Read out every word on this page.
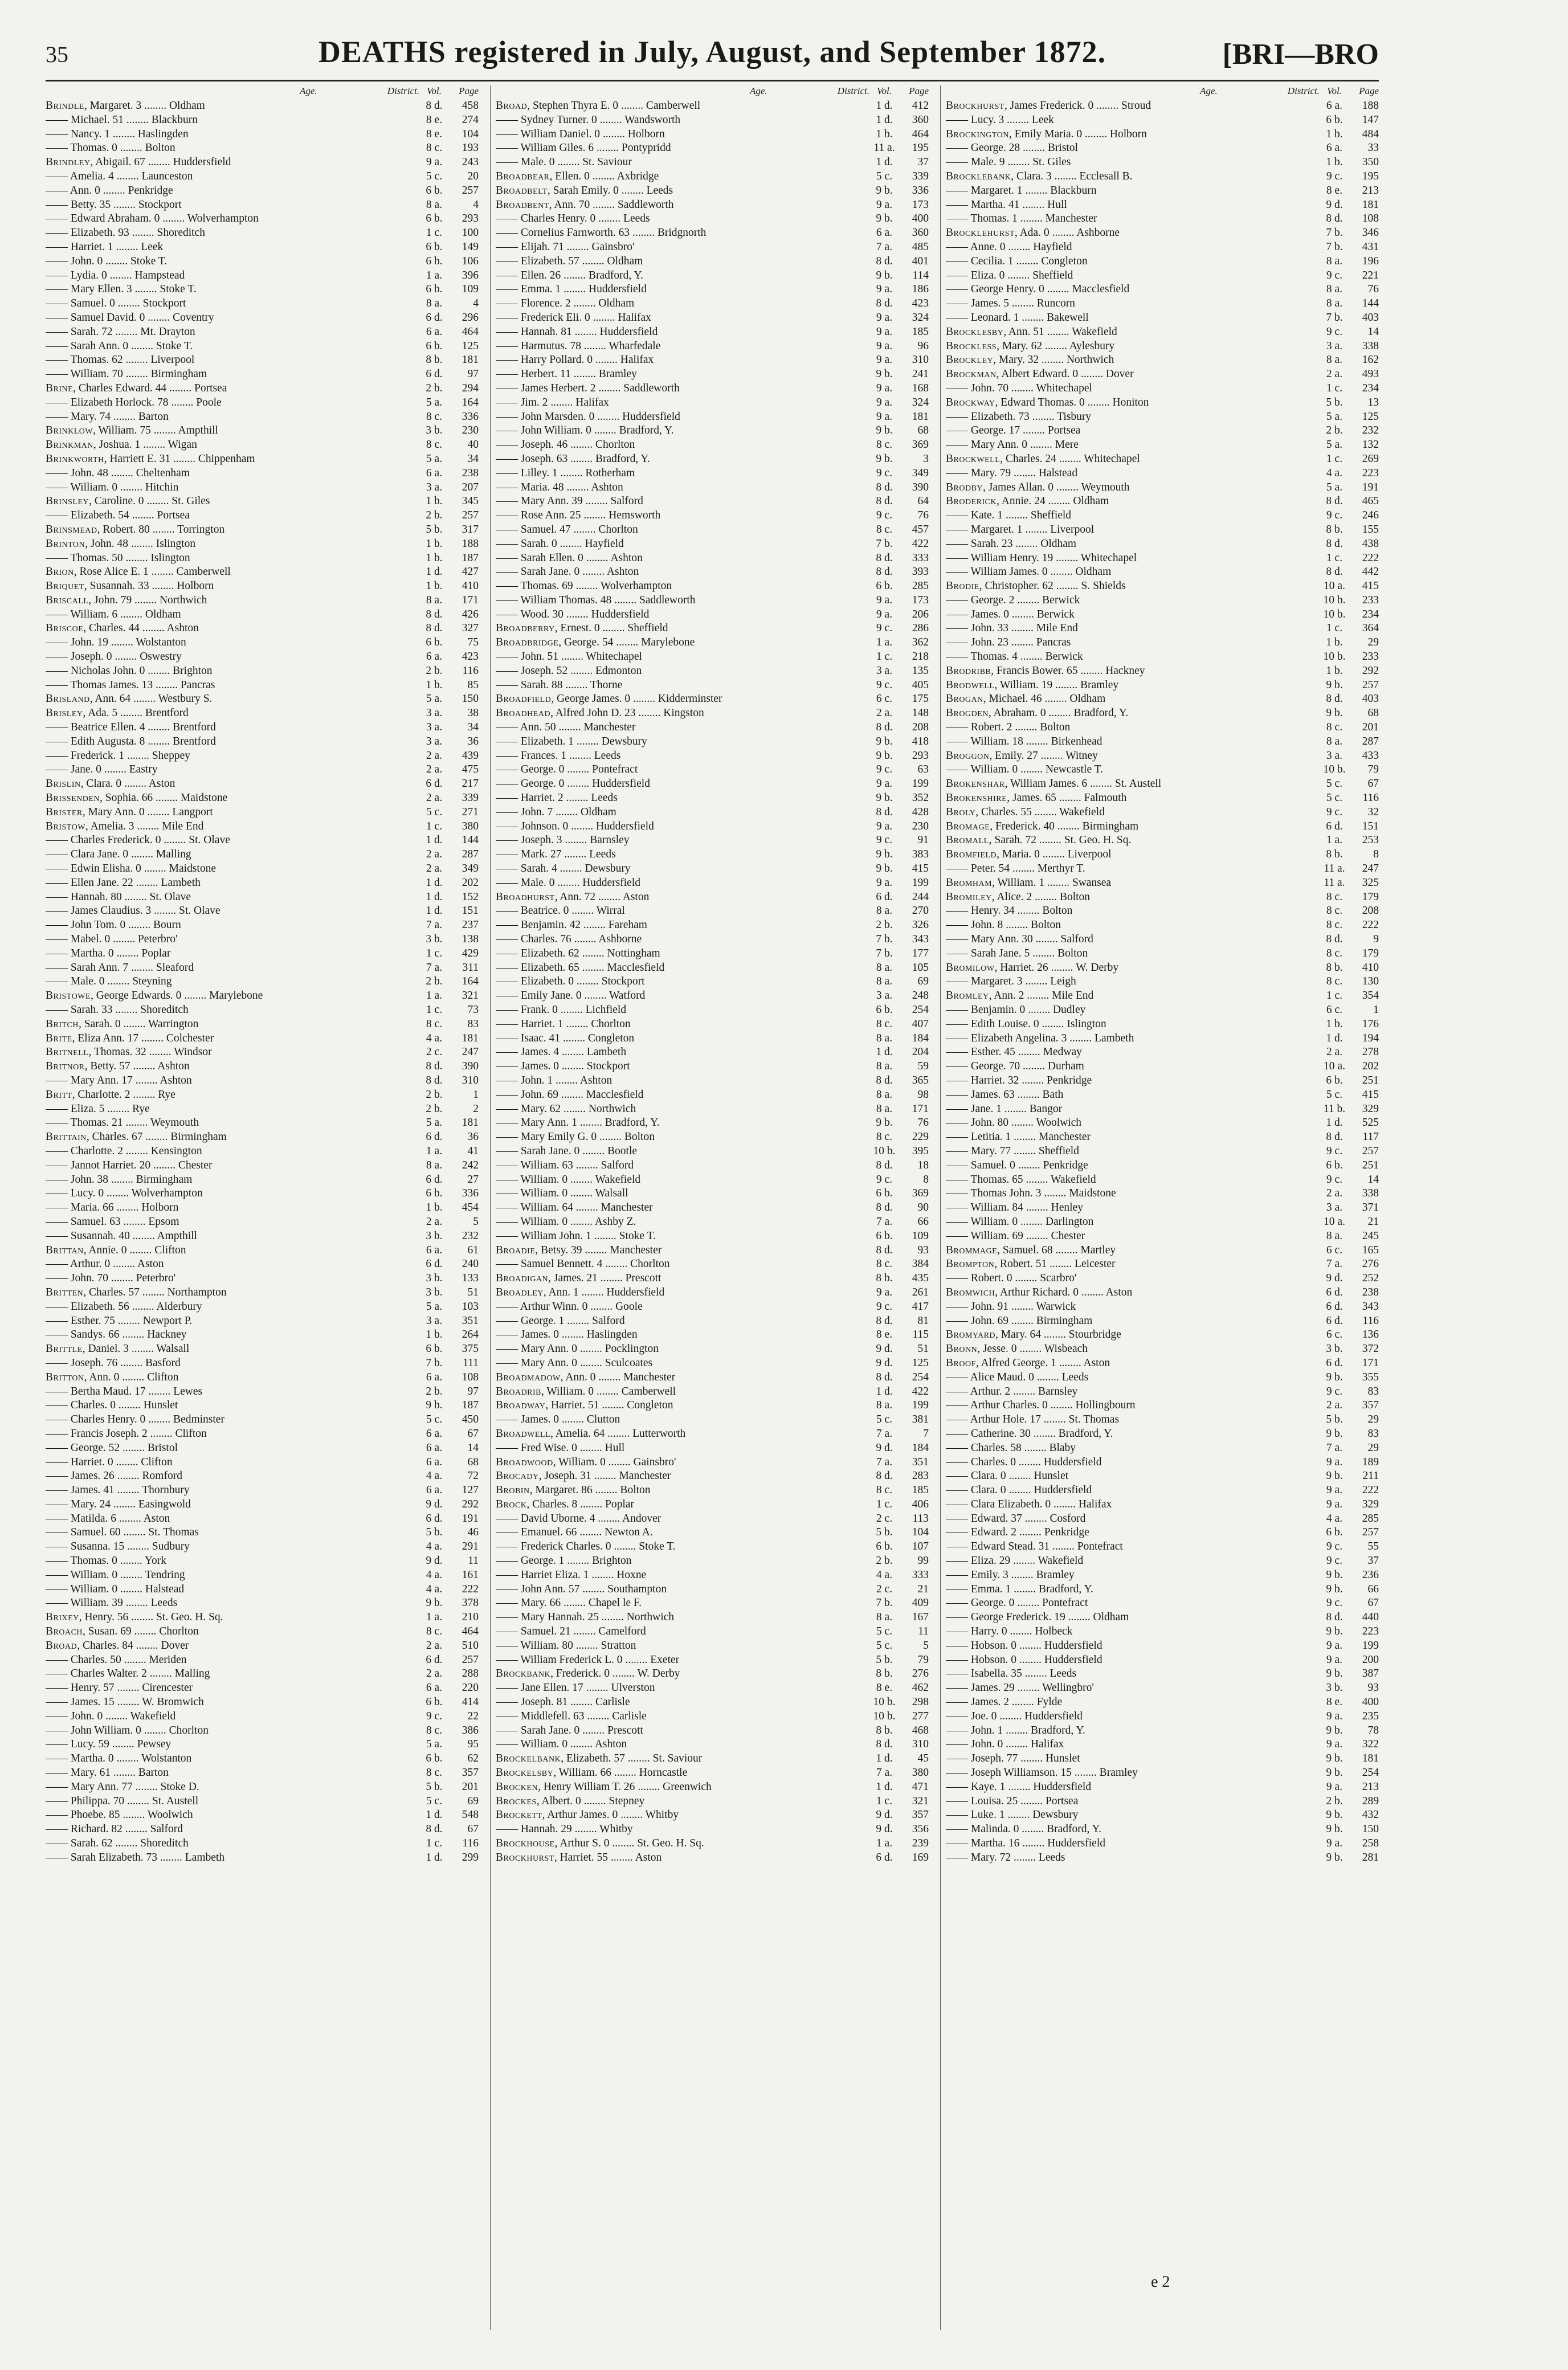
35	DEATHS registered in July, August, and September 1872.	[BRI—BRO
Age.	District. Vol.	Page
Brindle, Margaret. 3 ........ Oldham	8 d.	458
—— Michael. 51 ........ Blackburn	8 e.	274
—— Nancy. 1 ........ Haslingden	8 e.	104
—— Thomas. 0 ........ Bolton	8 c.	193
Brindley, Abigail. 67 ........ Huddersfield	9 a.	243
—— Amelia. 4 ........ Launceston	5 c.	20
—— Ann. 0 ........ Penkridge	6 b.	257
—— Betty. 35 ........ Stockport	8 a.	4
—— Edward Abraham. 0 ........ Wolverhampton	6 b.	293
—— Elizabeth. 93 ........ Shoreditch	1 c.	100
—— Harriet. 1 ........ Leek	6 b.	149
—— John. 0 ........ Stoke T.	6 b.	106
—— Lydia. 0 ........ Hampstead	1 a.	396
—— Mary Ellen. 3 ........ Stoke T.	6 b.	109
—— Samuel. 0 ........ Stockport	8 a.	4
—— Samuel David. 0 ........ Coventry	6 d.	296
—— Sarah. 72 ........ Mt. Drayton	6 a.	464
—— Sarah Ann. 0 ........ Stoke T.	6 b.	125
—— Thomas. 62 ........ Liverpool	8 b.	181
—— William. 70 ........ Birmingham	6 d.	97
Brine, Charles Edward. 44 ........ Portsea	2 b.	294
—— Elizabeth Horlock. 78 ........ Poole	5 a.	164
—— Mary. 74 ........ Barton	8 c.	336
Brinklow, William. 75 ........ Ampthill	3 b.	230
Brinkman, Joshua. 1 ........ Wigan	8 c.	40
Brinkworth, Harriett E. 31 ........ Chippenham	5 a.	34
—— John. 48 ........ Cheltenham	6 a.	238
—— William. 0 ........ Hitchin	3 a.	207
Brinsley, Caroline. 0 ........ St. Giles	1 b.	345
—— Elizabeth. 54 ........ Portsea	2 b.	257
Brinsmead, Robert. 80 ........ Torrington	5 b.	317
Brinton, John. 48 ........ Islington	1 b.	188
—— Thomas. 50 ........ Islington	1 b.	187
Brion, Rose Alice E. 1 ........ Camberwell	1 d.	427
Briquet, Susannah. 33 ........ Holborn	1 b.	410
Briscall, John. 79 ........ Northwich	8 a.	171
—— William. 6 ........ Oldham	8 d.	426
Briscoe, Charles. 44 ........ Ashton	8 d.	327
—— John. 19 ........ Wolstanton	6 b.	75
—— Joseph. 0 ........ Oswestry	6 a.	423
—— Nicholas John. 0 ........ Brighton	2 b.	116
—— Thomas James. 13 ........ Pancras	1 b.	85
Brisland, Ann. 64 ........ Westbury S.	5 a.	150
Brisley, Ada. 5 ........ Brentford	3 a.	38
—— Beatrice Ellen. 4 ........ Brentford	3 a.	34
—— Edith Augusta. 8 ........ Brentford	3 a.	36
—— Frederick. 1 ........ Sheppey	2 a.	439
—— Jane. 0 ........ Eastry	2 a.	475
Brislin, Clara. 0 ........ Aston	6 d.	217
Brissenden, Sophia. 66 ........ Maidstone	2 a.	339
Brister, Mary Ann. 0 ........ Langport	5 c.	271
Bristow, Amelia. 3 ........ Mile End	1 c.	380
—— Charles Frederick. 0 ........ St. Olave	1 d.	144
—— Clara Jane. 0 ........ Malling	2 a.	287
—— Edwin Elisha. 0 ........ Maidstone	2 a.	349
—— Ellen Jane. 22 ........ Lambeth	1 d.	202
—— Hannah. 80 ........ St. Olave	1 d.	152
—— James Claudius. 3 ........ St. Olave	1 d.	151
—— John Tom. 0 ........ Bourn	7 a.	237
—— Mabel. 0 ........ Peterbro'	3 b.	138
—— Martha. 0 ........ Poplar	1 c.	429
—— Sarah Ann. 7 ........ Sleaford	7 a.	311
—— Male. 0 ........ Steyning	2 b.	164
Bristowe, George Edwards. 0 ........ Marylebone	1 a.	321
—— Sarah. 33 ........ Shoreditch	1 c.	73
Britch, Sarah. 0 ........ Warrington	8 c.	83
Brite, Eliza Ann. 17 ........ Colchester	4 a.	181
Britnell, Thomas. 32 ........ Windsor	2 c.	247
Britnor, Betty. 57 ........ Ashton	8 d.	390
—— Mary Ann. 17 ........ Ashton	8 d.	310
Britt, Charlotte. 2 ........ Rye	2 b.	1
—— Eliza. 5 ........ Rye	2 b.	2
—— Thomas. 21 ........ Weymouth	5 a.	181
Brittain, Charles. 67 ........ Birmingham	6 d.	36
—— Charlotte. 2 ........ Kensington	1 a.	41
—— Jannot Harriet. 20 ........ Chester	8 a.	242
—— John. 38 ........ Birmingham	6 d.	27
—— Lucy. 0 ........ Wolverhampton	6 b.	336
—— Maria. 66 ........ Holborn	1 b.	454
—— Samuel. 63 ........ Epsom	2 a.	5
—— Susannah. 40 ........ Ampthill	3 b.	232
Brittan, Annie. 0 ........ Clifton	6 a.	61
—— Arthur. 0 ........ Aston	6 d.	240
—— John. 70 ........ Peterbro'	3 b.	133
Britten, Charles. 57 ........ Northampton	3 b.	51
—— Elizabeth. 56 ........ Alderbury	5 a.	103
—— Esther. 75 ........ Newport P.	3 a.	351
—— Sandys. 66 ........ Hackney	1 b.	264
Brittle, Daniel. 3 ........ Walsall	6 b.	375
—— Joseph. 76 ........ Basford	7 b.	111
Britton, Ann. 0 ........ Clifton	6 a.	108
—— Bertha Maud. 17 ........ Lewes	2 b.	97
—— Charles. 0 ........ Hunslet	9 b.	187
—— Charles Henry. 0 ........ Bedminster	5 c.	450
—— Francis Joseph. 2 ........ Clifton	6 a.	67
—— George. 52 ........ Bristol	6 a.	14
—— Harriet. 0 ........ Clifton	6 a.	68
—— James. 26 ........ Romford	4 a.	72
—— James. 41 ........ Thornbury	6 a.	127
—— Mary. 24 ........ Easingwold	9 d.	292
—— Matilda. 6 ........ Aston	6 d.	191
—— Samuel. 60 ........ St. Thomas	5 b.	46
—— Susanna. 15 ........ Sudbury	4 a.	291
—— Thomas. 0 ........ York	9 d.	11
—— William. 0 ........ Tendring	4 a.	161
—— William. 0 ........ Halstead	4 a.	222
—— William. 39 ........ Leeds	9 b.	378
Brixey, Henry. 56 ........ St. Geo. H. Sq.	1 a.	210
Broach, Susan. 69 ........ Chorlton	8 c.	464
Broad, Charles. 84 ........ Dover	2 a.	510
—— Charles. 50 ........ Meriden	6 d.	257
—— Charles Walter. 2 ........ Malling	2 a.	288
—— Henry. 57 ........ Cirencester	6 a.	220
—— James. 15 ........ W. Bromwich	6 b.	414
—— John. 0 ........ Wakefield	9 c.	22
—— John William. 0 ........ Chorlton	8 c.	386
—— Lucy. 59 ........ Pewsey	5 a.	95
—— Martha. 0 ........ Wolstanton	6 b.	62
—— Mary. 61 ........ Barton	8 c.	357
—— Mary Ann. 77 ........ Stoke D.	5 b.	201
—— Philippa. 70 ........ St. Austell	5 c.	69
—— Phoebe. 85 ........ Woolwich	1 d.	548
—— Richard. 82 ........ Salford	8 d.	67
—— Sarah. 62 ........ Shoreditch	1 c.	116
—— Sarah Elizabeth. 73 ........ Lambeth	1 d.	299
Age.	District. Vol.	Page
Broad, Stephen Thyra E. 0 ........ Camberwell	1 d.	412
—— Sydney Turner. 0 ........ Wandsworth	1 d.	360
—— William Daniel. 0 ........ Holborn	1 b.	464
—— William Giles. 6 ........ Pontypridd	11 a.	195
—— Male. 0 ........ St. Saviour	1 d.	37
Broadbear, Ellen. 0 ........ Axbridge	5 c.	339
Broadbelt, Sarah Emily. 0 ........ Leeds	9 b.	336
Broadbent, Ann. 70 ........ Saddleworth	9 a.	173
—— Charles Henry. 0 ........ Leeds	9 b.	400
—— Cornelius Farnworth. 63 ........ Bridgnorth	6 a.	360
—— Elijah. 71 ........ Gainsbro'	7 a.	485
—— Elizabeth. 57 ........ Oldham	8 d.	401
—— Ellen. 26 ........ Bradford, Y.	9 b.	114
—— Emma. 1 ........ Huddersfield	9 a.	186
—— Florence. 2 ........ Oldham	8 d.	423
—— Frederick Eli. 0 ........ Halifax	9 a.	324
—— Hannah. 81 ........ Huddersfield	9 a.	185
—— Harmutus. 78 ........ Wharfedale	9 a.	96
—— Harry Pollard. 0 ........ Halifax	9 a.	310
—— Herbert. 11 ........ Bramley	9 b.	241
—— James Herbert. 2 ........ Saddleworth	9 a.	168
—— Jim. 2 ........ Halifax	9 a.	324
—— John Marsden. 0 ........ Huddersfield	9 a.	181
—— John William. 0 ........ Bradford, Y.	9 b.	68
—— Joseph. 46 ........ Chorlton	8 c.	369
—— Joseph. 63 ........ Bradford, Y.	9 b.	3
—— Lilley. 1 ........ Rotherham	9 c.	349
—— Maria. 48 ........ Ashton	8 d.	390
—— Mary Ann. 39 ........ Salford	8 d.	64
—— Rose Ann. 25 ........ Hemsworth	9 c.	76
—— Samuel. 47 ........ Chorlton	8 c.	457
—— Sarah. 0 ........ Hayfield	7 b.	422
—— Sarah Ellen. 0 ........ Ashton	8 d.	333
—— Sarah Jane. 0 ........ Ashton	8 d.	393
—— Thomas. 69 ........ Wolverhampton	6 b.	285
—— William Thomas. 48 ........ Saddleworth	9 a.	173
—— Wood. 30 ........ Huddersfield	9 a.	206
Broadberry, Ernest. 0 ........ Sheffield	9 c.	286
Broadbridge, George. 54 ........ Marylebone	1 a.	362
—— John. 51 ........ Whitechapel	1 c.	218
—— Joseph. 52 ........ Edmonton	3 a.	135
—— Sarah. 88 ........ Thorne	9 c.	405
Broadfield, George James. 0 ........ Kidderminster	6 c.	175
Broadhead, Alfred John D. 23 ........ Kingston	2 a.	148
—— Ann. 50 ........ Manchester	8 d.	208
—— Elizabeth. 1 ........ Dewsbury	9 b.	418
—— Frances. 1 ........ Leeds	9 b.	293
—— George. 0 ........ Pontefract	9 c.	63
—— George. 0 ........ Huddersfield	9 a.	199
—— Harriet. 2 ........ Leeds	9 b.	352
—— John. 7 ........ Oldham	8 d.	428
—— Johnson. 0 ........ Huddersfield	9 a.	230
—— Joseph. 3 ........ Barnsley	9 c.	91
—— Mark. 27 ........ Leeds	9 b.	383
—— Sarah. 4 ........ Dewsbury	9 b.	415
—— Male. 0 ........ Huddersfield	9 a.	199
Broadhurst, Ann. 72 ........ Aston	6 d.	244
—— Beatrice. 0 ........ Wirral	8 a.	270
—— Benjamin. 42 ........ Fareham	2 b.	326
—— Charles. 76 ........ Ashborne	7 b.	343
—— Elizabeth. 62 ........ Nottingham	7 b.	177
—— Elizabeth. 65 ........ Macclesfield	8 a.	105
—— Elizabeth. 0 ........ Stockport	8 a.	69
—— Emily Jane. 0 ........ Watford	3 a.	248
—— Frank. 0 ........ Lichfield	6 b.	254
—— Harriet. 1 ........ Chorlton	8 c.	407
—— Isaac. 41 ........ Congleton	8 a.	184
—— James. 4 ........ Lambeth	1 d.	204
—— James. 0 ........ Stockport	8 a.	59
—— John. 1 ........ Ashton	8 d.	365
—— John. 69 ........ Macclesfield	8 a.	98
—— Mary. 62 ........ Northwich	8 a.	171
—— Mary Ann. 1 ........ Bradford, Y.	9 b.	76
—— Mary Emily G. 0 ........ Bolton	8 c.	229
—— Sarah Jane. 0 ........ Bootle	10 b.	395
—— William. 63 ........ Salford	8 d.	18
—— William. 0 ........ Wakefield	9 c.	8
—— William. 0 ........ Walsall	6 b.	369
—— William. 64 ........ Manchester	8 d.	90
—— William. 0 ........ Ashby Z.	7 a.	66
—— William John. 1 ........ Stoke T.	6 b.	109
Broadie, Betsy. 39 ........ Manchester	8 d.	93
—— Samuel Bennett. 4 ........ Chorlton	8 c.	384
Broadigan, James. 21 ........ Prescott	8 b.	435
Broadley, Ann. 1 ........ Huddersfield	9 a.	261
—— Arthur Winn. 0 ........ Goole	9 c.	417
—— George. 1 ........ Salford	8 d.	81
—— James. 0 ........ Haslingden	8 e.	115
—— Mary Ann. 0 ........ Pocklington	9 d.	51
—— Mary Ann. 0 ........ Sculcoates	9 d.	125
Broadmadow, Ann. 0 ........ Manchester	8 d.	254
Broadrib, William. 0 ........ Camberwell	1 d.	422
Broadway, Harriet. 51 ........ Congleton	8 a.	199
—— James. 0 ........ Clutton	5 c.	381
Broadwell, Amelia. 64 ........ Lutterworth	7 a.	7
—— Fred Wise. 0 ........ Hull	9 d.	184
Broadwood, William. 0 ........ Gainsbro'	7 a.	351
Brocady, Joseph. 31 ........ Manchester	8 d.	283
Brobin, Margaret. 86 ........ Bolton	8 c.	185
Brock, Charles. 8 ........ Poplar	1 c.	406
—— David Uborne. 4 ........ Andover	2 c.	113
—— Emanuel. 66 ........ Newton A.	5 b.	104
—— Frederick Charles. 0 ........ Stoke T.	6 b.	107
—— George. 1 ........ Brighton	2 b.	99
—— Harriet Eliza. 1 ........ Hoxne	4 a.	333
—— John Ann. 57 ........ Southampton	2 c.	21
—— Mary. 66 ........ Chapel le F.	7 b.	409
—— Mary Hannah. 25 ........ Northwich	8 a.	167
—— Samuel. 21 ........ Camelford	5 c.	11
—— William. 80 ........ Stratton	5 c.	5
—— William Frederick L. 0 ........ Exeter	5 b.	79
Brockbank, Frederick. 0 ........ W. Derby	8 b.	276
—— Jane Ellen. 17 ........ Ulverston	8 e.	462
—— Joseph. 81 ........ Carlisle	10 b.	298
—— Middlefell. 63 ........ Carlisle	10 b.	277
—— Sarah Jane. 0 ........ Prescott	8 b.	468
—— William. 0 ........ Ashton	8 d.	310
Brockelbank, Elizabeth. 57 ........ St. Saviour	1 d.	45
Brockelsby, William. 66 ........ Horncastle	7 a.	380
Brocken, Henry William T. 26 ........ Greenwich	1 d.	471
Brockes, Albert. 0 ........ Stepney	1 c.	321
Brockett, Arthur James. 0 ........ Whitby	9 d.	357
—— Hannah. 29 ........ Whitby	9 d.	356
Brockhouse, Arthur S. 0 ........ St. Geo. H. Sq.	1 a.	239
Brockhurst, Harriet. 55 ........ Aston	6 d.	169
Age.	District. Vol.	Page
Brockhurst, James Frederick. 0 ........ Stroud	6 a.	188
—— Lucy. 3 ........ Leek	6 b.	147
Brockington, Emily Maria. 0 ........ Holborn	1 b.	484
—— George. 28 ........ Bristol	6 a.	33
—— Male. 9 ........ St. Giles	1 b.	350
Brocklebank, Clara. 3 ........ Ecclesall B.	9 c.	195
—— Margaret. 1 ........ Blackburn	8 e.	213
—— Martha. 41 ........ Hull	9 d.	181
—— Thomas. 1 ........ Manchester	8 d.	108
Brocklehurst, Ada. 0 ........ Ashborne	7 b.	346
—— Anne. 0 ........ Hayfield	7 b.	431
—— Cecilia. 1 ........ Congleton	8 a.	196
—— Eliza. 0 ........ Sheffield	9 c.	221
—— George Henry. 0 ........ Macclesfield	8 a.	76
—— James. 5 ........ Runcorn	8 a.	144
—— Leonard. 1 ........ Bakewell	7 b.	403
Brocklesby, Ann. 51 ........ Wakefield	9 c.	14
Brockless, Mary. 62 ........ Aylesbury	3 a.	338
Brockley, Mary. 32 ........ Northwich	8 a.	162
Brockman, Albert Edward. 0 ........ Dover	2 a.	493
—— John. 70 ........ Whitechapel	1 c.	234
Brockway, Edward Thomas. 0 ........ Honiton	5 b.	13
—— Elizabeth. 73 ........ Tisbury	5 a.	125
—— George. 17 ........ Portsea	2 b.	232
—— Mary Ann. 0 ........ Mere	5 a.	132
Brockwell, Charles. 24 ........ Whitechapel	1 c.	269
—— Mary. 79 ........ Halstead	4 a.	223
Brodby, James Allan. 0 ........ Weymouth	5 a.	191
Broderick, Annie. 24 ........ Oldham	8 d.	465
—— Kate. 1 ........ Sheffield	9 c.	246
—— Margaret. 1 ........ Liverpool	8 b.	155
—— Sarah. 23 ........ Oldham	8 d.	438
—— William Henry. 19 ........ Whitechapel	1 c.	222
—— William James. 0 ........ Oldham	8 d.	442
Brodie, Christopher. 62 ........ S. Shields	10 a.	415
—— George. 2 ........ Berwick	10 b.	233
—— James. 0 ........ Berwick	10 b.	234
—— John. 33 ........ Mile End	1 c.	364
—— John. 23 ........ Pancras	1 b.	29
—— Thomas. 4 ........ Berwick	10 b.	233
Brodribb, Francis Bower. 65 ........ Hackney	1 b.	292
Brodwell, William. 19 ........ Bramley	9 b.	257
Brogan, Michael. 46 ........ Oldham	8 d.	403
Brogden, Abraham. 0 ........ Bradford, Y.	9 b.	68
—— Robert. 2 ........ Bolton	8 c.	201
—— William. 18 ........ Birkenhead	8 a.	287
Broggon, Emily. 27 ........ Witney	3 a.	433
—— William. 0 ........ Newcastle T.	10 b.	79
Brokenshar, William James. 6 ........ St. Austell	5 c.	67
Brokenshire, James. 65 ........ Falmouth	5 c.	116
Broly, Charles. 55 ........ Wakefield	9 c.	32
Bromage, Frederick. 40 ........ Birmingham	6 d.	151
Bromall, Sarah. 72 ........ St. Geo. H. Sq.	1 a.	253
Bromfield, Maria. 0 ........ Liverpool	8 b.	8
—— Peter. 54 ........ Merthyr T.	11 a.	247
Bromham, William. 1 ........ Swansea	11 a.	325
Bromiley, Alice. 2 ........ Bolton	8 c.	179
—— Henry. 34 ........ Bolton	8 c.	208
—— John. 8 ........ Bolton	8 c.	222
—— Mary Ann. 30 ........ Salford	8 d.	9
—— Sarah Jane. 5 ........ Bolton	8 c.	179
Bromilow, Harriet. 26 ........ W. Derby	8 b.	410
—— Margaret. 3 ........ Leigh	8 c.	130
Bromley, Ann. 2 ........ Mile End	1 c.	354
—— Benjamin. 0 ........ Dudley	6 c.	1
—— Edith Louise. 0 ........ Islington	1 b.	176
—— Elizabeth Angelina. 3 ........ Lambeth	1 d.	194
—— Esther. 45 ........ Medway	2 a.	278
—— George. 70 ........ Durham	10 a.	202
—— Harriet. 32 ........ Penkridge	6 b.	251
—— James. 63 ........ Bath	5 c.	415
—— Jane. 1 ........ Bangor	11 b.	329
—— John. 80 ........ Woolwich	1 d.	525
—— Letitia. 1 ........ Manchester	8 d.	117
—— Mary. 77 ........ Sheffield	9 c.	257
—— Samuel. 0 ........ Penkridge	6 b.	251
—— Thomas. 65 ........ Wakefield	9 c.	14
—— Thomas John. 3 ........ Maidstone	2 a.	338
—— William. 84 ........ Henley	3 a.	371
—— William. 0 ........ Darlington	10 a.	21
—— William. 69 ........ Chester	8 a.	245
Brommage, Samuel. 68 ........ Martley	6 c.	165
Brompton, Robert. 51 ........ Leicester	7 a.	276
—— Robert. 0 ........ Scarbro'	9 d.	252
Bromwich, Arthur Richard. 0 ........ Aston	6 d.	238
—— John. 91 ........ Warwick	6 d.	343
—— John. 69 ........ Birmingham	6 d.	116
Bromyard, Mary. 64 ........ Stourbridge	6 c.	136
Bronn, Jesse. 0 ........ Wisbeach	3 b.	372
Broof, Alfred George. 1 ........ Aston	6 d.	171
—— Alice Maud. 0 ........ Leeds	9 b.	355
—— Arthur. 2 ........ Barnsley	9 c.	83
—— Arthur Charles. 0 ........ Hollingbourn	2 a.	357
—— Arthur Hole. 17 ........ St. Thomas	5 b.	29
—— Catherine. 30 ........ Bradford, Y.	9 b.	83
—— Charles. 58 ........ Blaby	7 a.	29
—— Charles. 0 ........ Huddersfield	9 a.	189
—— Clara. 0 ........ Hunslet	9 b.	211
—— Clara. 0 ........ Huddersfield	9 a.	222
—— Clara Elizabeth. 0 ........ Halifax	9 a.	329
—— Edward. 37 ........ Cosford	4 a.	285
—— Edward. 2 ........ Penkridge	6 b.	257
—— Edward Stead. 31 ........ Pontefract	9 c.	55
—— Eliza. 29 ........ Wakefield	9 c.	37
—— Emily. 3 ........ Bramley	9 b.	236
—— Emma. 1 ........ Bradford, Y.	9 b.	66
—— George. 0 ........ Pontefract	9 c.	67
—— George Frederick. 19 ........ Oldham	8 d.	440
—— Harry. 0 ........ Holbeck	9 b.	223
—— Hobson. 0 ........ Huddersfield	9 a.	199
—— Hobson. 0 ........ Huddersfield	9 a.	200
—— Isabella. 35 ........ Leeds	9 b.	387
—— James. 29 ........ Wellingbro'	3 b.	93
—— James. 2 ........ Fylde	8 e.	400
—— Joe. 0 ........ Huddersfield	9 a.	235
—— John. 1 ........ Bradford, Y.	9 b.	78
—— John. 0 ........ Halifax	9 a.	322
—— Joseph. 77 ........ Hunslet	9 b.	181
—— Joseph Williamson. 15 ........ Bramley	9 b.	254
—— Kaye. 1 ........ Huddersfield	9 a.	213
—— Louisa. 25 ........ Portsea	2 b.	289
—— Luke. 1 ........ Dewsbury	9 b.	432
—— Malinda. 0 ........ Bradford, Y.	9 b.	150
—— Martha. 16 ........ Huddersfield	9 a.	258
—— Mary. 72 ........ Leeds	9 b.	281
e 2
